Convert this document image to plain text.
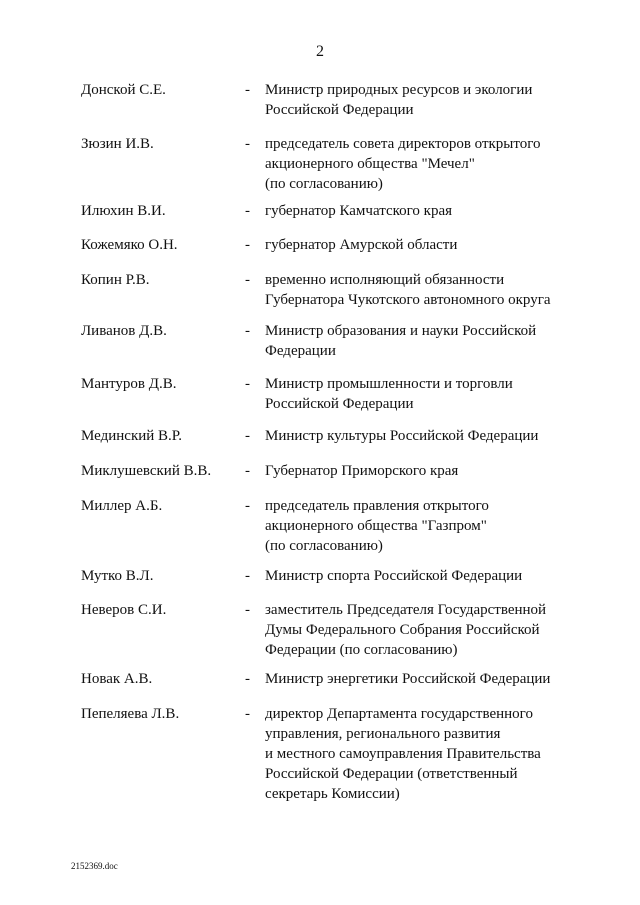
2
Донской С.Е.	- Министр природных ресурсов и экологии
Российской Федерации
Зюзин И.В.	- председатель совета директоров открытого
акционерного общества "Мечел"
(по согласованию)
Илюхин В.И.	- губернатор Камчатского края
Кожемяко О.Н.	- губернатор Амурской области
Копин Р.В.	- временно исполняющий обязанности
Губернатора Чукотского автономного округа
Ливанов Д.В.	- Министр образования и науки Российской
Федерации
Мантуров Д.В.	- Министр промышленности и торговли
Российской Федерации
Мединский В.Р.	- Министр культуры Российской Федерации
Миклушевский В.В. - Губернатор Приморского края
Миллер А.Б.	- председатель правления открытого
акционерного общества "Газпром"
(по согласованию)
Мутко В.Л.	- Министр спорта Российской Федерации
Неверов С.И.	- заместитель Председателя Государственной
Думы Федерального Собрания Российской
Федерации (по согласованию)
Новак А.В.	- Министр энергетики Российской Федерации
Пепеляева Л.В.	- директор Департамента государственного
управления, регионального развития
и местного самоуправления Правительства
Российской Федерации (ответственный
секретарь Комиссии)
2152369.doc
